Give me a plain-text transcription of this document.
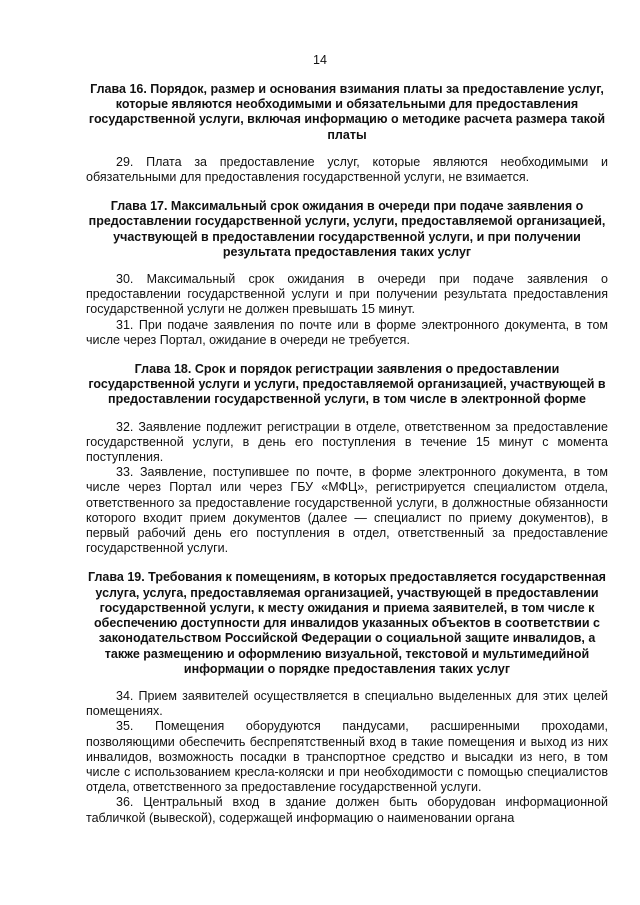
14

Глава 16. Порядок, размер и основания взимания платы за предоставление услуг, которые являются необходимыми и обязательными для предоставления государственной услуги, включая информацию о методике расчета размера такой платы

29. Плата за предоставление услуг, которые являются необходимыми и обязательными для предоставления государственной услуги, не взимается.

Глава 17. Максимальный срок ожидания в очереди при подаче заявления о предоставлении государственной услуги, услуги, предоставляемой организацией, участвующей в предоставлении государственной услуги, и при получении результата предоставления таких услуг

30. Максимальный срок ожидания в очереди при подаче заявления о предоставлении государственной услуги и при получении результата предоставления государственной услуги не должен превышать 15 минут.

31. При подаче заявления по почте или в форме электронного документа, в том числе через Портал, ожидание в очереди не требуется.

Глава 18. Срок и порядок регистрации заявления о предоставлении государственной услуги и услуги, предоставляемой организацией, участвующей в предоставлении государственной услуги, в том числе в электронной форме

32. Заявление подлежит регистрации в отделе, ответственном за предоставление государственной услуги, в день его поступления в течение 15 минут с момента поступления.

33. Заявление, поступившее по почте, в форме электронного документа, в том числе через Портал или через ГБУ «МФЦ», регистрируется специалистом отдела, ответственного за предоставление государственной услуги, в должностные обязанности которого входит прием документов (далее — специалист по приему документов), в первый рабочий день его поступления в отдел, ответственный за предоставление государственной услуги.

Глава 19. Требования к помещениям, в которых предоставляется государственная услуга, услуга, предоставляемая организацией, участвующей в предоставлении государственной услуги, к месту ожидания и приема заявителей, в том числе к обеспечению доступности для инвалидов указанных объектов в соответствии с законодательством Российской Федерации о социальной защите инвалидов, а также размещению и оформлению визуальной, текстовой и мультимедийной информации о порядке предоставления таких услуг

34. Прием заявителей осуществляется в специально выделенных для этих целей помещениях.

35. Помещения оборудуются пандусами, расширенными проходами, позволяющими обеспечить беспрепятственный вход в такие помещения и выход из них инвалидов, возможность посадки в транспортное средство и высадки из него, в том числе с использованием кресла-коляски и при необходимости с помощью специалистов отдела, ответственного за предоставление государственной услуги.

36. Центральный вход в здание должен быть оборудован информационной табличкой (вывеской), содержащей информацию о наименовании органа
